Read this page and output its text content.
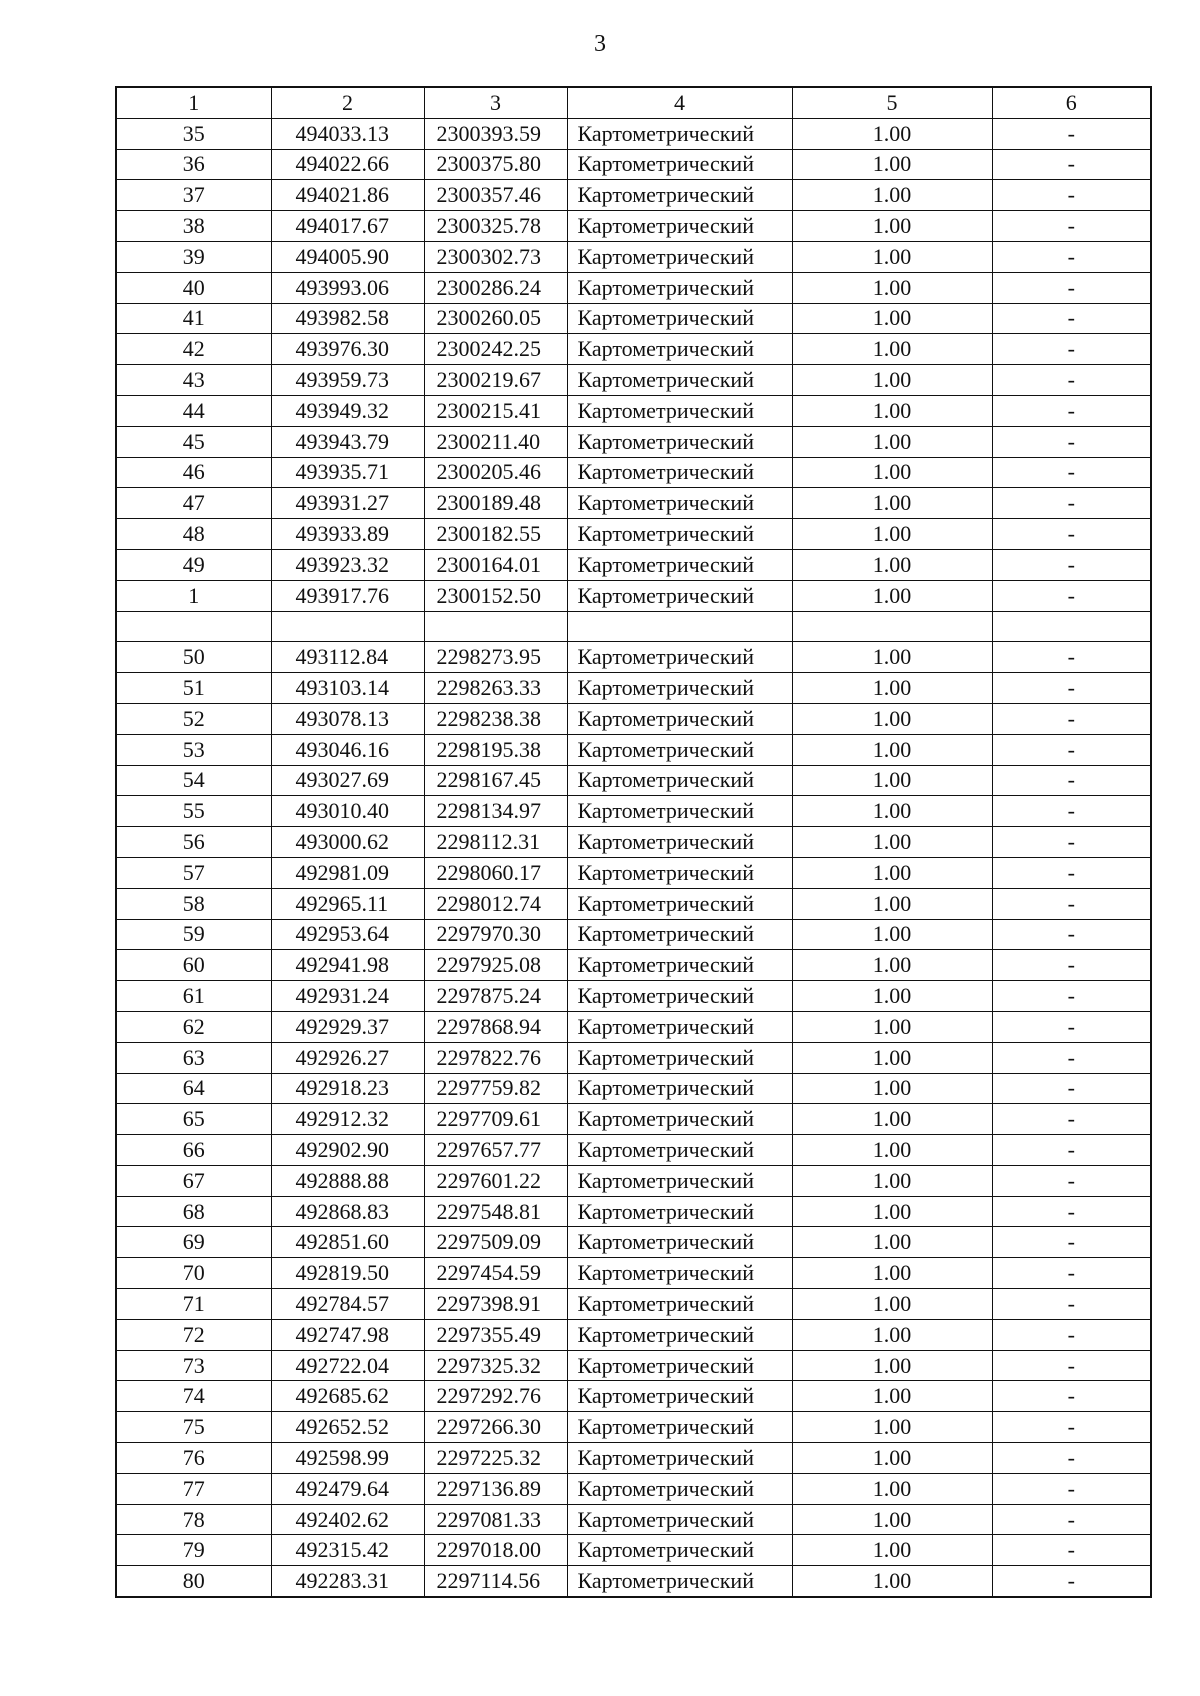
3
1	2	3	4	5	6
35	494033.13	2300393.59	Картометрический	1.00	-
36	494022.66	2300375.80	Картометрический	1.00	-
37	494021.86	2300357.46	Картометрический	1.00	-
38	494017.67	2300325.78	Картометрический	1.00	-
39	494005.90	2300302.73	Картометрический	1.00	-
40	493993.06	2300286.24	Картометрический	1.00	-
41	493982.58	2300260.05	Картометрический	1.00	-
42	493976.30	2300242.25	Картометрический	1.00	-
43	493959.73	2300219.67	Картометрический	1.00	-
44	493949.32	2300215.41	Картометрический	1.00	-
45	493943.79	2300211.40	Картометрический	1.00	-
46	493935.71	2300205.46	Картометрический	1.00	-
47	493931.27	2300189.48	Картометрический	1.00	-
48	493933.89	2300182.55	Картометрический	1.00	-
49	493923.32	2300164.01	Картометрический	1.00	-
1	493917.76	2300152.50	Картометрический	1.00	-

50	493112.84	2298273.95	Картометрический	1.00	-
51	493103.14	2298263.33	Картометрический	1.00	-
52	493078.13	2298238.38	Картометрический	1.00	-
53	493046.16	2298195.38	Картометрический	1.00	-
54	493027.69	2298167.45	Картометрический	1.00	-
55	493010.40	2298134.97	Картометрический	1.00	-
56	493000.62	2298112.31	Картометрический	1.00	-
57	492981.09	2298060.17	Картометрический	1.00	-
58	492965.11	2298012.74	Картометрический	1.00	-
59	492953.64	2297970.30	Картометрический	1.00	-
60	492941.98	2297925.08	Картометрический	1.00	-
61	492931.24	2297875.24	Картометрический	1.00	-
62	492929.37	2297868.94	Картометрический	1.00	-
63	492926.27	2297822.76	Картометрический	1.00	-
64	492918.23	2297759.82	Картометрический	1.00	-
65	492912.32	2297709.61	Картометрический	1.00	-
66	492902.90	2297657.77	Картометрический	1.00	-
67	492888.88	2297601.22	Картометрический	1.00	-
68	492868.83	2297548.81	Картометрический	1.00	-
69	492851.60	2297509.09	Картометрический	1.00	-
70	492819.50	2297454.59	Картометрический	1.00	-
71	492784.57	2297398.91	Картометрический	1.00	-
72	492747.98	2297355.49	Картометрический	1.00	-
73	492722.04	2297325.32	Картометрический	1.00	-
74	492685.62	2297292.76	Картометрический	1.00	-
75	492652.52	2297266.30	Картометрический	1.00	-
76	492598.99	2297225.32	Картометрический	1.00	-
77	492479.64	2297136.89	Картометрический	1.00	-
78	492402.62	2297081.33	Картометрический	1.00	-
79	492315.42	2297018.00	Картометрический	1.00	-
80	492283.31	2297114.56	Картометрический	1.00	-
